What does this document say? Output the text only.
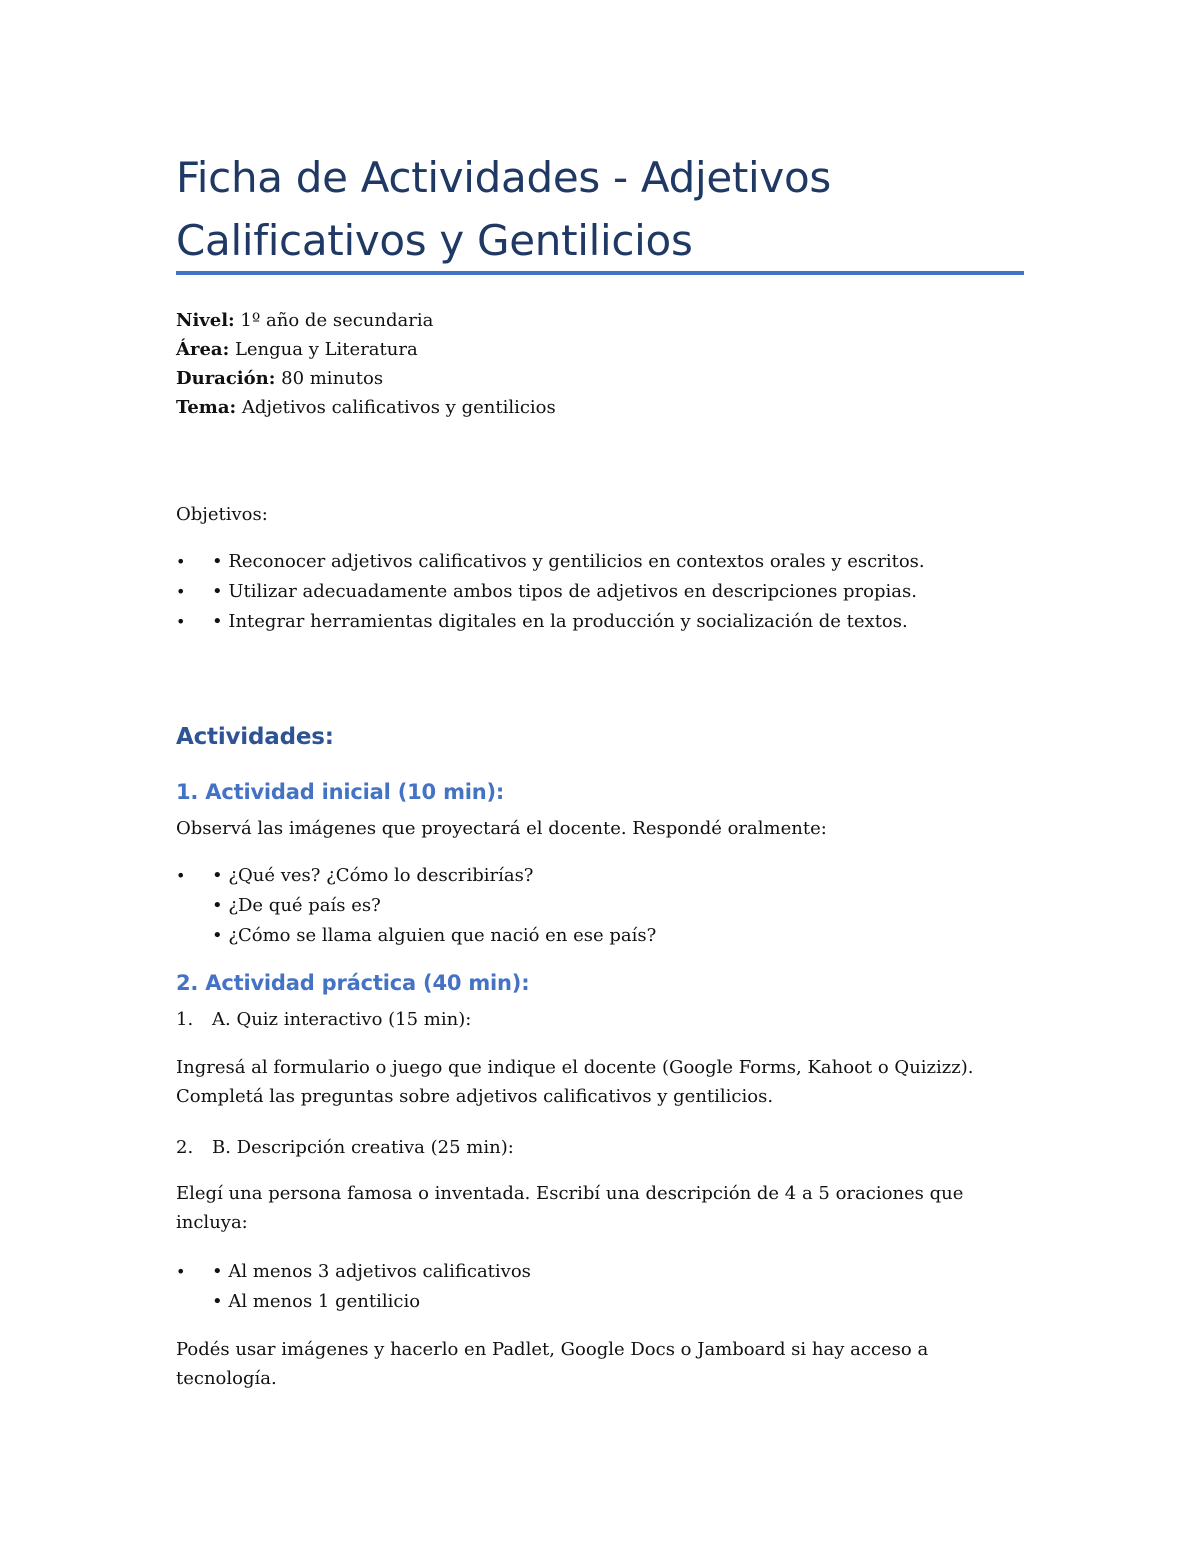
Ficha de Actividades - Adjetivos
Calificativos y Gentilicios
Nivel: 1º año de secundaria
Área: Lengua y Literatura
Duración: 80 minutos
Tema: Adjetivos calificativos y gentilicios
Objetivos:
• • Reconocer adjetivos calificativos y gentilicios en contextos orales y escritos.
• • Utilizar adecuadamente ambos tipos de adjetivos en descripciones propias.
• • Integrar herramientas digitales en la producción y socialización de textos.
Actividades:
1. Actividad inicial (10 min):
Observá las imágenes que proyectará el docente. Respondé oralmente:
• • ¿Qué ves? ¿Cómo lo describirías?
• ¿De qué país es?
• ¿Cómo se llama alguien que nació en ese país?
2. Actividad práctica (40 min):
1. A. Quiz interactivo (15 min):
Ingresá al formulario o juego que indique el docente (Google Forms, Kahoot o Quizizz).
Completá las preguntas sobre adjetivos calificativos y gentilicios.
2. B. Descripción creativa (25 min):
Elegí una persona famosa o inventada. Escribí una descripción de 4 a 5 oraciones que
incluya:
• • Al menos 3 adjetivos calificativos
• Al menos 1 gentilicio
Podés usar imágenes y hacerlo en Padlet, Google Docs o Jamboard si hay acceso a
tecnología.
